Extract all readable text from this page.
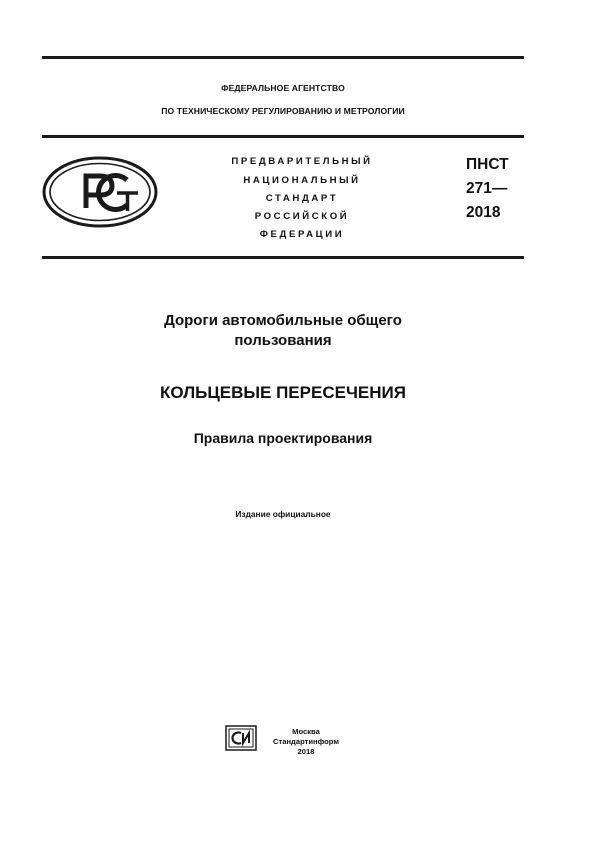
ФЕДЕРАЛЬНОЕ АГЕНТСТВО
ПО ТЕХНИЧЕСКОМУ РЕГУЛИРОВАНИЮ И МЕТРОЛОГИИ
ПРЕДВАРИТЕЛЬНЫЙ
НАЦИОНАЛЬНЫЙ
СТАНДАРТ
РОССИЙСКОЙ
ФЕДЕРАЦИИ
ПНСТ
271—
2018
Дороги автомобильные общего
пользования
КОЛЬЦЕВЫЕ ПЕРЕСЕЧЕНИЯ
Правила проектирования
Издание официальное
Москва
Стандартинформ
2018
